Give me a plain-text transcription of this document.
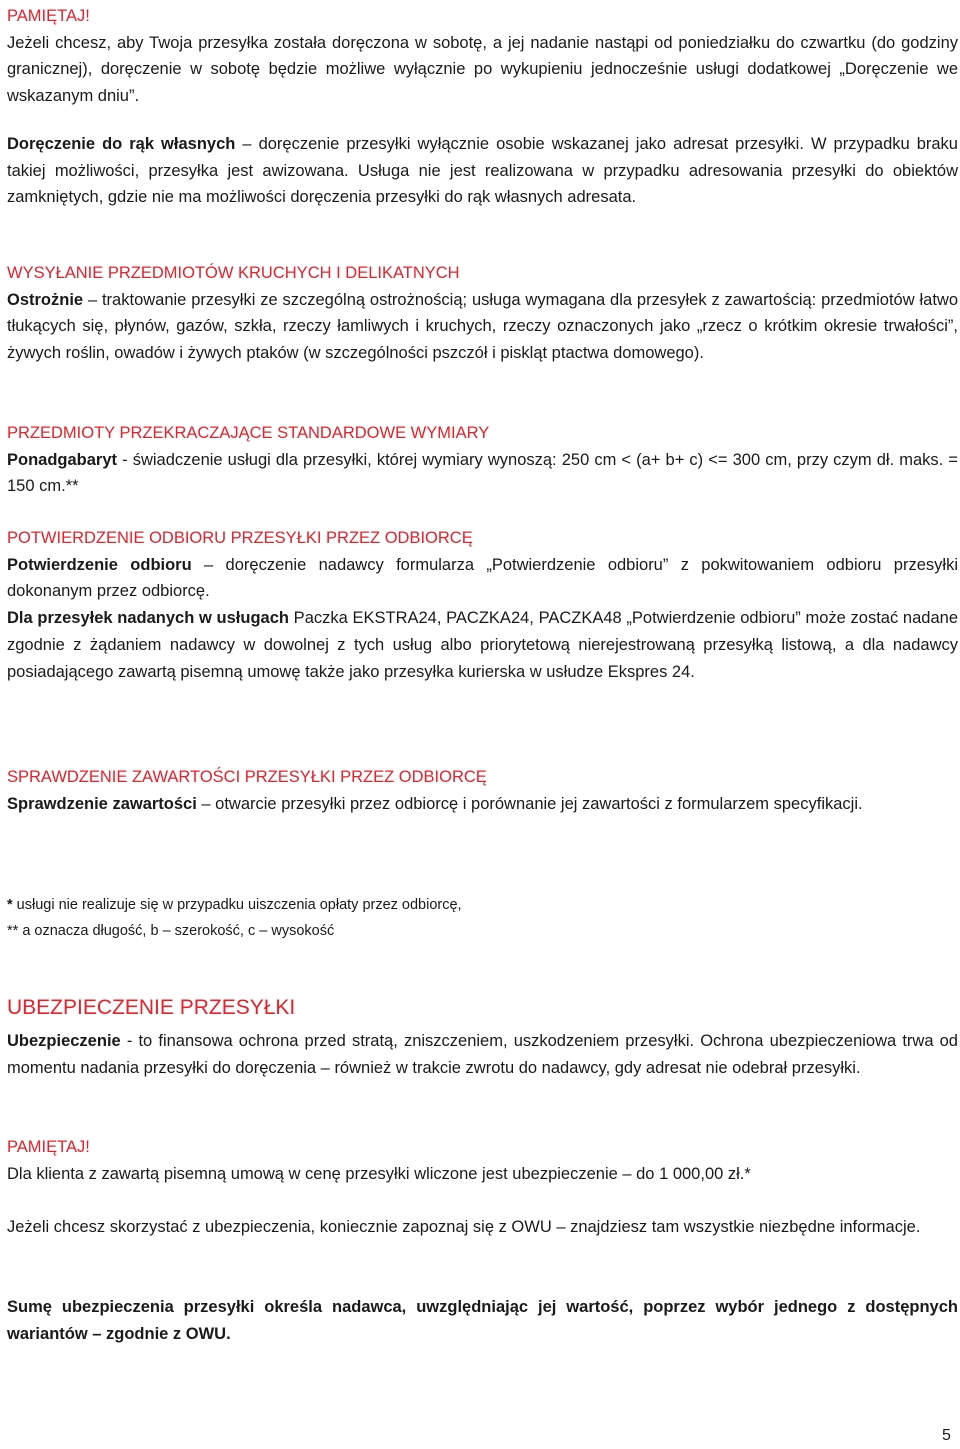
PAMIĘTAJ!
Jeżeli chcesz, aby Twoja przesyłka została doręczona w sobotę, a jej nadanie nastąpi od poniedziałku do czwartku (do godziny granicznej), doręczenie w sobotę będzie możliwe wyłącznie po wykupieniu jednocześnie usługi dodatkowej „Doręczenie we wskazanym dniu”.
Doręczenie do rąk własnych – doręczenie przesyłki wyłącznie osobie wskazanej jako adresat przesyłki. W przypadku braku takiej możliwości, przesyłka jest awizowana. Usługa nie jest realizowana w przypadku adresowania przesyłki do obiektów zamkniętych, gdzie nie ma możliwości doręczenia przesyłki do rąk własnych adresata.
WYSYŁANIE PRZEDMIOTÓW KRUCHYCH I DELIKATNYCH
Ostrożnie – traktowanie przesyłki ze szczególną ostrożnością; usługa wymagana dla przesyłek z zawartością: przedmiotów łatwo tłukących się, płynów, gazów, szkła, rzeczy łamliwych i kruchych, rzeczy oznaczonych jako „rzecz o krótkim okresie trwałości”, żywych roślin, owadów i żywych ptaków (w szczególności pszczół i piskląt ptactwa domowego).
PRZEDMIOTY PRZEKRACZAJĄCE STANDARDOWE WYMIARY
Ponadgabaryt - świadczenie usługi dla przesyłki, której wymiary wynoszą: 250 cm < (a+ b+ c) <= 300 cm, przy czym dł. maks. = 150 cm.**
POTWIERDZENIE ODBIORU PRZESYŁKI PRZEZ ODBIORCĘ
Potwierdzenie odbioru – doręczenie nadawcy formularza „Potwierdzenie odbioru” z pokwitowaniem odbioru przesyłki dokonanym przez odbiorcę.
Dla przesyłek nadanych w usługach Paczka EKSTRA24, PACZKA24, PACZKA48 „Potwierdzenie odbioru” może zostać nadane zgodnie z żądaniem nadawcy w dowolnej z tych usług albo priorytetową nierejestrowaną przesyłką listową, a dla nadawcy posiadającego zawartą pisemną umowę także jako przesyłka kurierska w usłudze Ekspres 24.
SPRAWDZENIE ZAWARTOŚCI PRZESYŁKI PRZEZ ODBIORCĘ
Sprawdzenie zawartości – otwarcie przesyłki przez odbiorcę i porównanie jej zawartości z formularzem specyfikacji.
* usługi nie realizuje się w przypadku uiszczenia opłaty przez odbiorcę,
** a oznacza długość, b – szerokość, c – wysokość
UBEZPIECZENIE PRZESYŁKI
Ubezpieczenie - to finansowa ochrona przed stratą, zniszczeniem, uszkodzeniem przesyłki. Ochrona ubezpieczeniowa trwa od momentu nadania przesyłki do doręczenia – również w trakcie zwrotu do nadawcy, gdy adresat nie odebrał przesyłki.
PAMIĘTAJ!
Dla klienta z zawartą pisemną umową w cenę przesyłki wliczone jest ubezpieczenie – do 1 000,00 zł.*
Jeżeli chcesz skorzystać z ubezpieczenia, koniecznie zapoznaj się z OWU – znajdziesz tam wszystkie niezbędne informacje.
Sumę ubezpieczenia przesyłki określa nadawca, uwzględniając jej wartość, poprzez wybór jednego z dostępnych wariantów – zgodnie z OWU.
5
